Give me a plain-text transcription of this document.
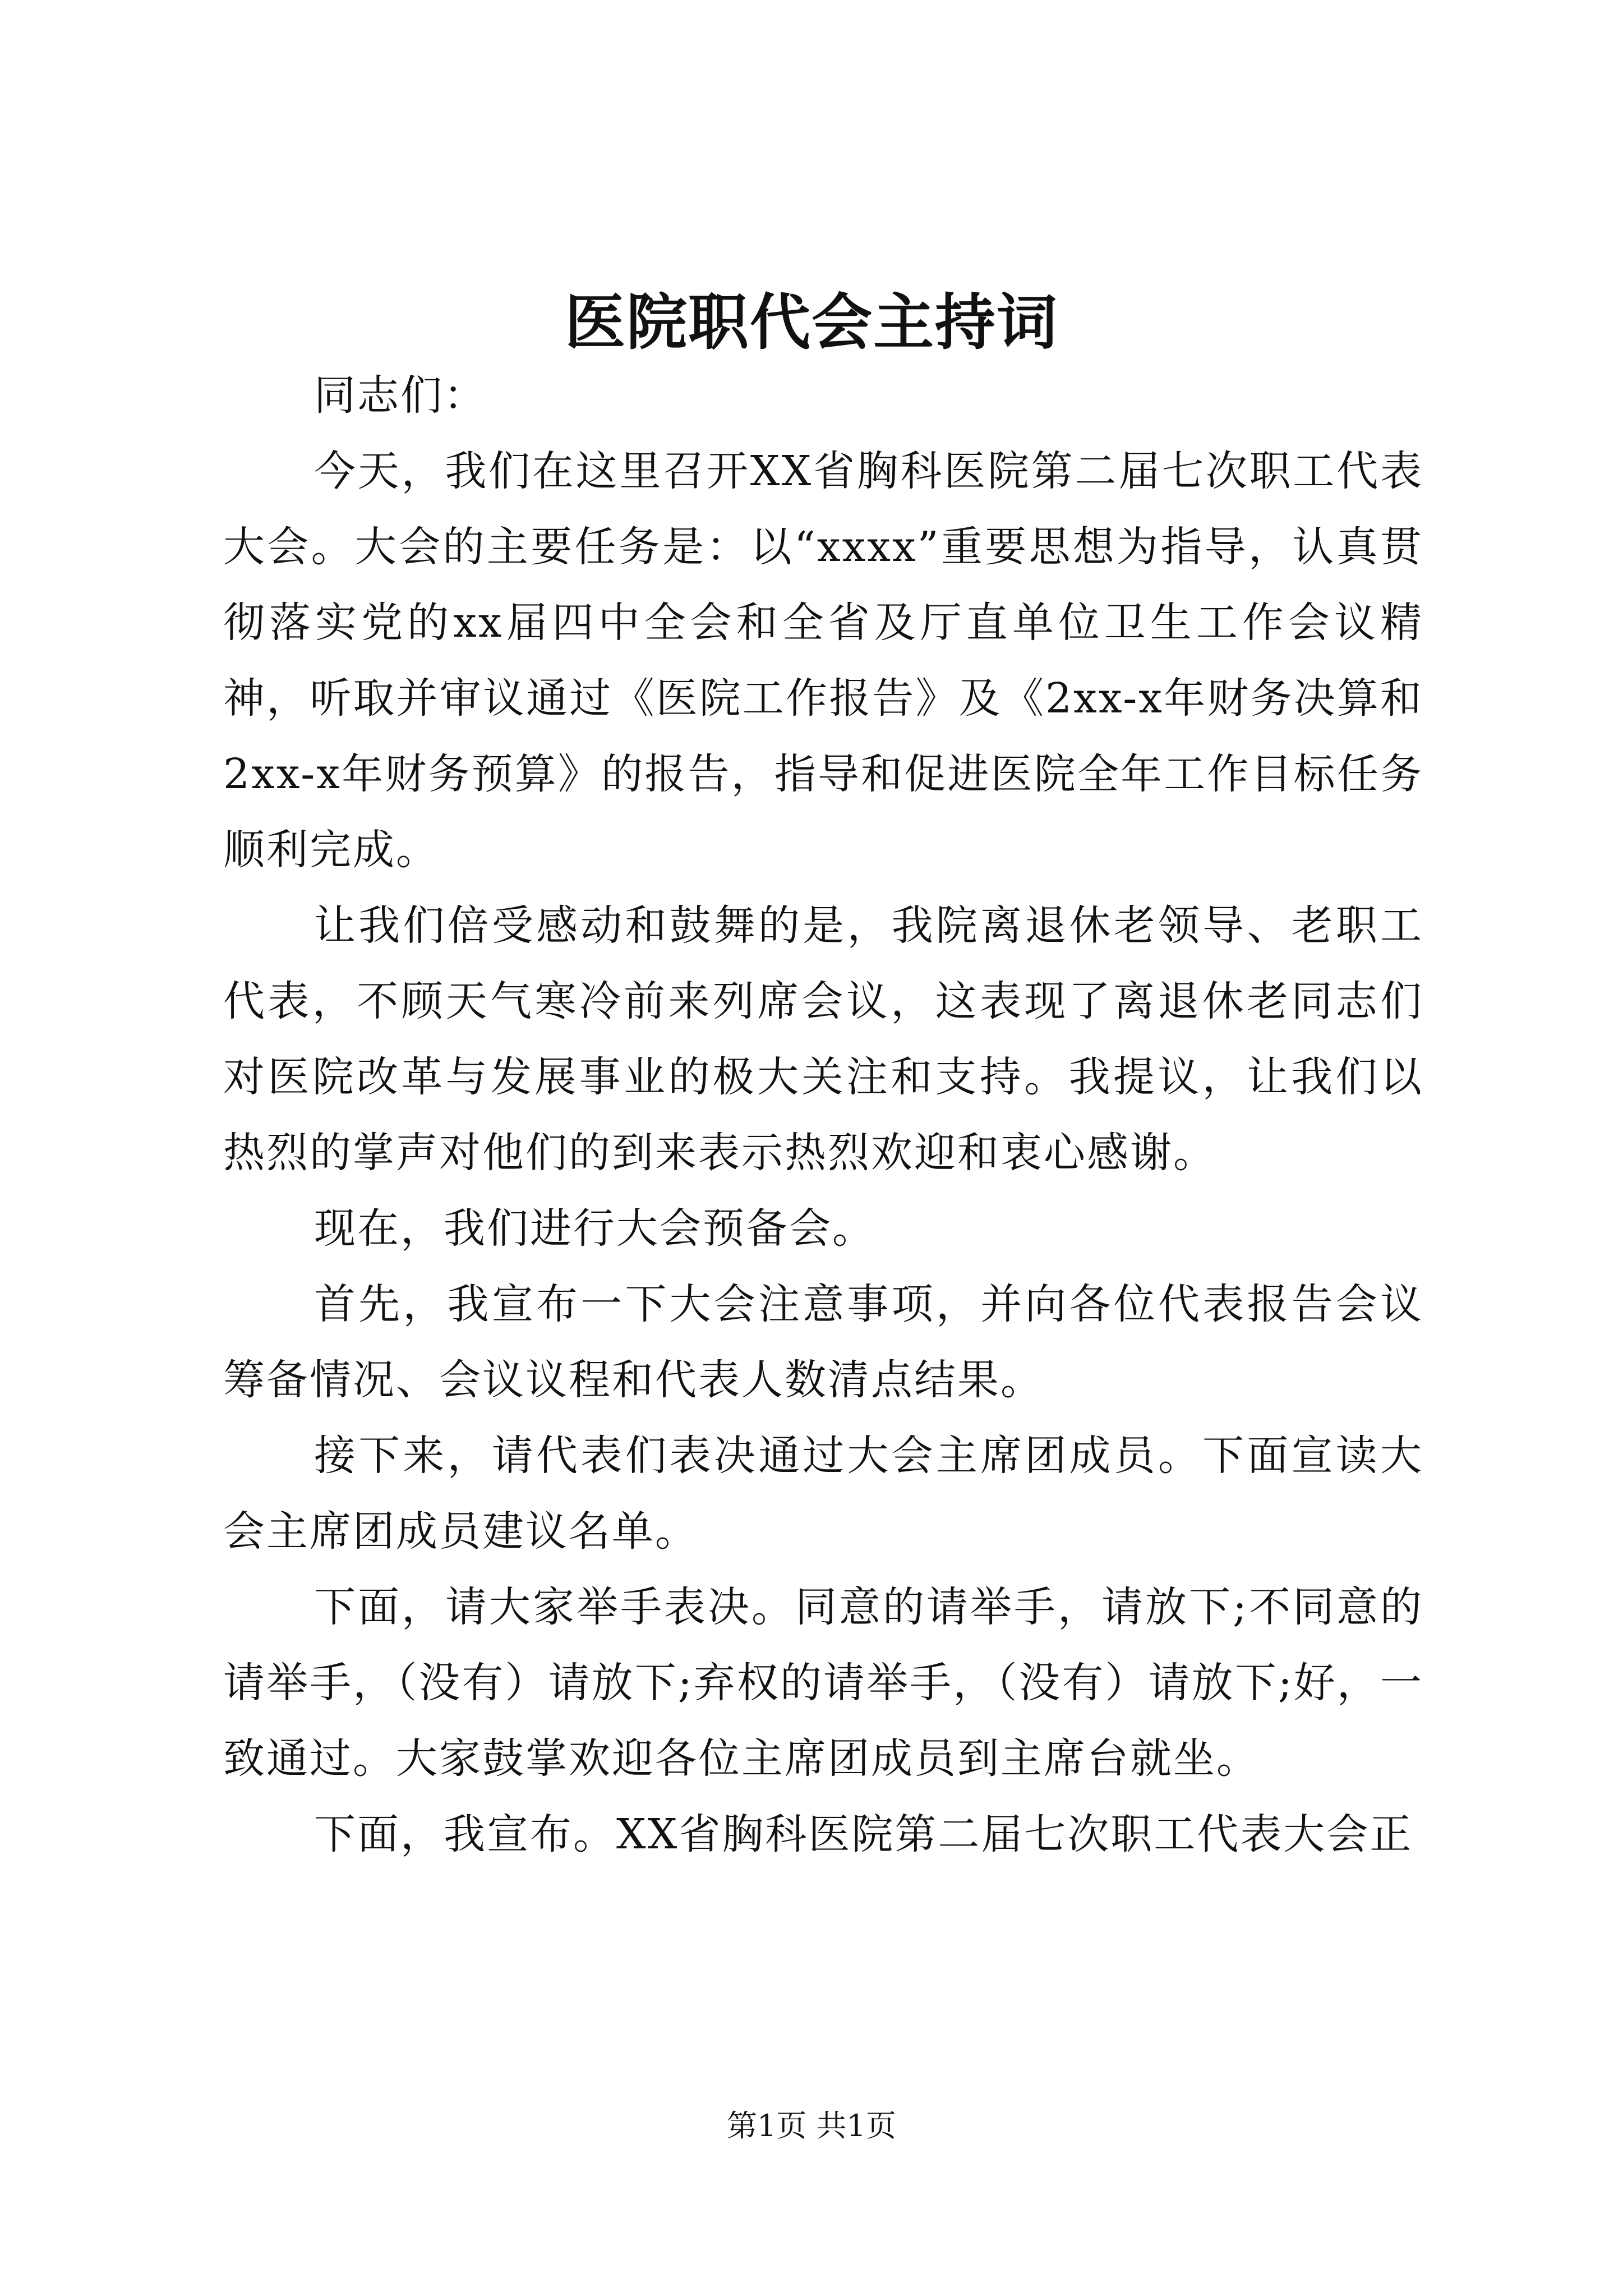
医院职代会主持词

同志们：

今天，我们在这里召开XX省胸科医院第二届七次职工代表大会。大会的主要任务是：以“xxxx”重要思想为指导，认真贯彻落实党的xx届四中全会和全省及厅直单位卫生工作会议精神，听取并审议通过《医院工作报告》及《2xx-x年财务决算和2xx-x年财务预算》的报告，指导和促进医院全年工作目标任务顺利完成。

让我们倍受感动和鼓舞的是，我院离退休老领导、老职工代表，不顾天气寒冷前来列席会议，这表现了离退休老同志们对医院改革与发展事业的极大关注和支持。我提议，让我们以热烈的掌声对他们的到来表示热烈欢迎和衷心感谢。

现在，我们进行大会预备会。

首先，我宣布一下大会注意事项，并向各位代表报告会议筹备情况、会议议程和代表人数清点结果。

接下来，请代表们表决通过大会主席团成员。下面宣读大会主席团成员建议名单。

下面，请大家举手表决。同意的请举手，请放下;不同意的请举手，（没有）请放下;弃权的请举手，（没有）请放下;好，一致通过。大家鼓掌欢迎各位主席团成员到主席台就坐。

下面，我宣布。XX省胸科医院第二届七次职工代表大会正

第1页 共1页
